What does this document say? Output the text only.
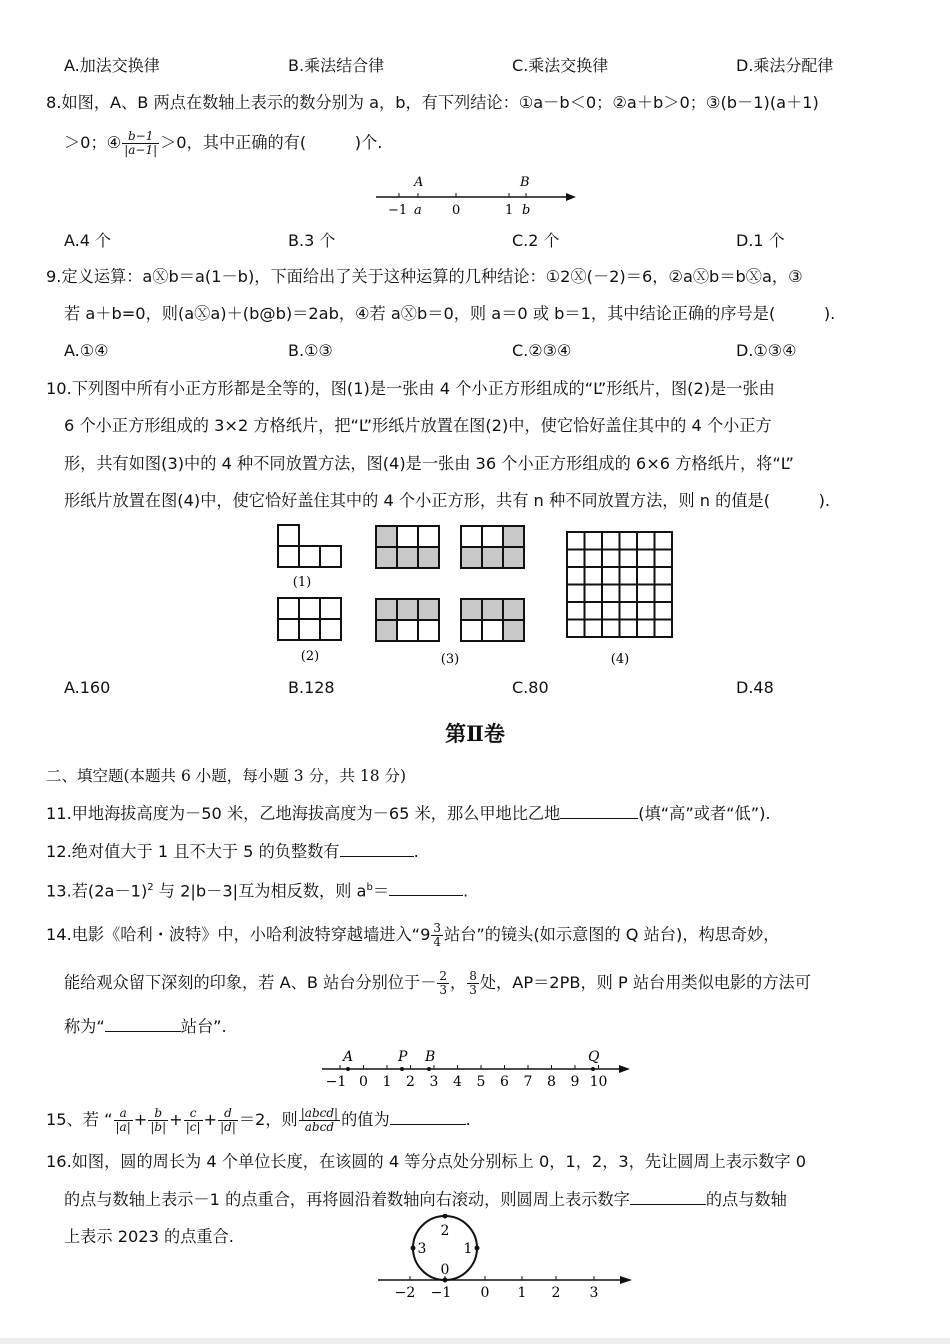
A.加法交换律	B.乘法结合律	C.乘法交换律	D.乘法分配律
8.如图，A、B 两点在数轴上表示的数分别为 a，b，有下列结论：①a－b＜0；②a＋b＞0；③(b－1)(a＋1)
＞0；④ $\frac{b-1}{|a-1|} >0$，其中正确的有(　　　)个.
A	B
−1 a 0	1 b
A.4 个	B.3 个	C.2 个	D.1 个
9.定义运算：aⓍb＝a(1－b)，下面给出了关于这种运算的几种结论：①2Ⓧ(－2)＝6，②aⓍb＝bⓍa，③
若 a＋b=0，则(aⓍa)＋(b@b)＝2ab，④若 aⓍb＝0，则 a＝0 或 b＝1，其中结论正确的序号是(　　　).
A.①④	B.①③	C.②③④	D.①③④
10.下列图中所有小正方形都是全等的，图(1)是一张由 4 个小正方形组成的“L”形纸片，图(2)是一张由
6 个小正方形组成的 3×2 方格纸片，把“L”形纸片放置在图(2)中，使它恰好盖住其中的 4 个小正方
形，共有如图(3)中的 4 种不同放置方法，图(4)是一张由 36 个小正方形组成的 6×6 方格纸片，将“L”
形纸片放置在图(4)中，使它恰好盖住其中的 4 个小正方形，共有 n 种不同放置方法，则 n 的值是(　　　).
(1)
(2)	(3)	(4)
A.160	B.128	C.80	D.48
第Ⅱ卷
二、填空题(本题共 6 小题，每小题 3 分，共 18 分)
11.甲地海拔高度为－50 米，乙地海拔高度为－65 米，那么甲地比乙地	(填“高”或者“低”).
12.绝对值大于 1 且不大于 5 的负整数有	.
13.若$(2a-1)^2$ 与 2|b－3|互为相反数，则 $a^b=$	.
14.电影《哈利・波特》中，小哈利波特穿越墙进入“$9 \frac{3}{4}$ 站台”的镜头(如示意图的 Q 站台)，构思奇妙，
能给观众留下深刻的印象，若 A、B 站台分别位于－ $\frac{2}{3}$ ， $\frac{8}{3}$ 处，AP＝2PB，则 P 站台用类似电影的方法可
称为“	站台”.
A	P B	Q
−1 0 1 2 3 4 5 6 7 8 9 10
15、若 “ $\frac{a}{|a|} + \frac{b}{|b|} + \frac{c}{|c|} + \frac{d}{|d|} =2$，则 $\frac{\text{|abcd|}}{\text{abcd}}$ 的值为	.
16.如图，圆的周长为 4 个单位长度，在该圆的 4 等分点处分别标上 0，1，2，3，先让圆周上表示数字 0
的点与数轴上表示－1 的点重合，再将圆沿着数轴向右滚动，则圆周上表示数字	的点与数轴
上表示 2023 的点重合.
0
1
2
3
−2 −1 0 1 2 3
